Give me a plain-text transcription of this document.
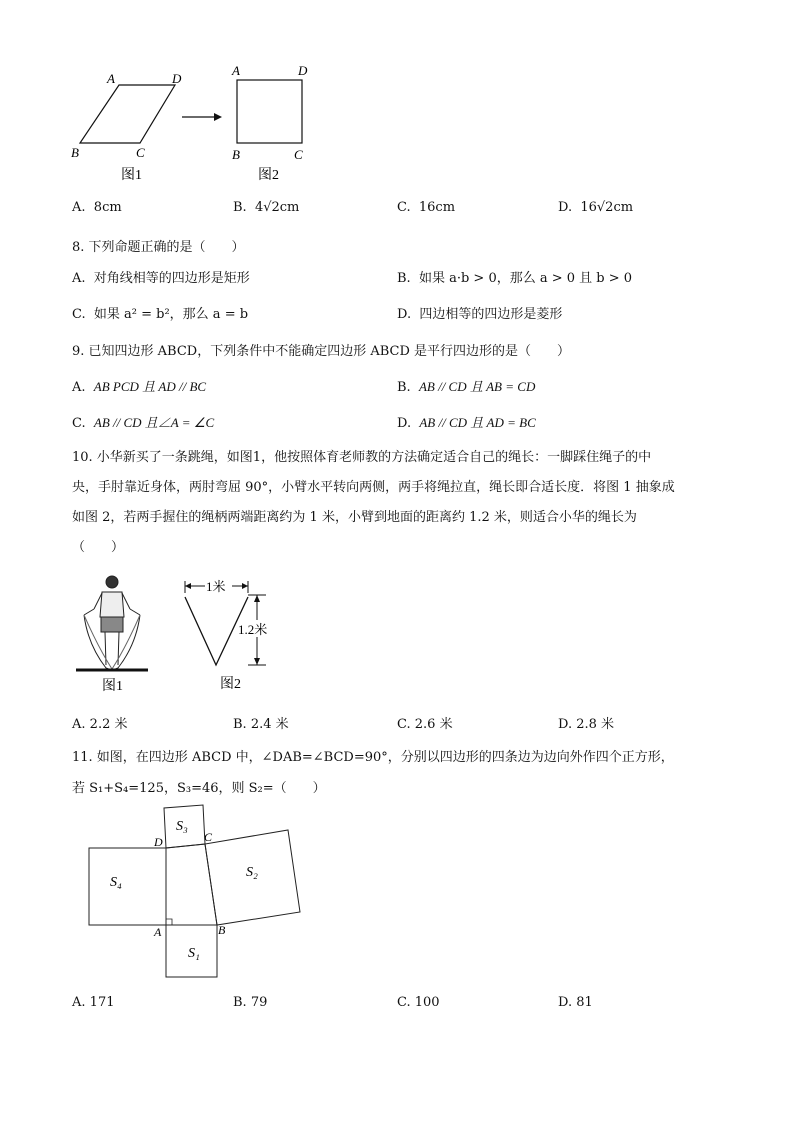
A	D
B	C
图1
A	D
B	C
图2
A. 8cm	B. 4√2cm	C. 16cm	D. 16√2cm
8. 下列命题正确的是（　　）
A. 对角线相等的四边形是矩形	B. 如果 a·b > 0，那么 a > 0 且 b > 0
C. 如果 a² = b²，那么 a = b	D. 四边相等的四边形是菱形
9. 已知四边形 ABCD，下列条件中不能确定四边形 ABCD 是平行四边形的是（　　）
A. AB PCD 且 AD // BC	B. AB // CD 且 AB = CD
C. AB // CD 且∠A = ∠C	D. AB // CD 且 AD = BC
10. 小华新买了一条跳绳，如图1，他按照体育老师教的方法确定适合自己的绳长：一脚踩住绳子的中
央，手肘靠近身体，两肘弯屈 90°，小臂水平转向两侧，两手将绳拉直，绳长即合适长度．将图 1 抽象成
如图 2，若两手握住的绳柄两端距离约为 1 米，小臂到地面的距离约 1.2 米，则适合小华的绳长为
（　　）
图1
1米
1.2米
图2
A. 2.2 米	B. 2.4 米	C. 2.6 米	D. 2.8 米
11. 如图，在四边形 ABCD 中，∠DAB=∠BCD=90°，分别以四边形的四条边为边向外作四个正方形，
若 S₁+S₄=125，S₃=46，则 S₂=（　　）
D	C
A	B
S₁
S₂
S₃
S₄
A. 171	B. 79	C. 100	D. 81
